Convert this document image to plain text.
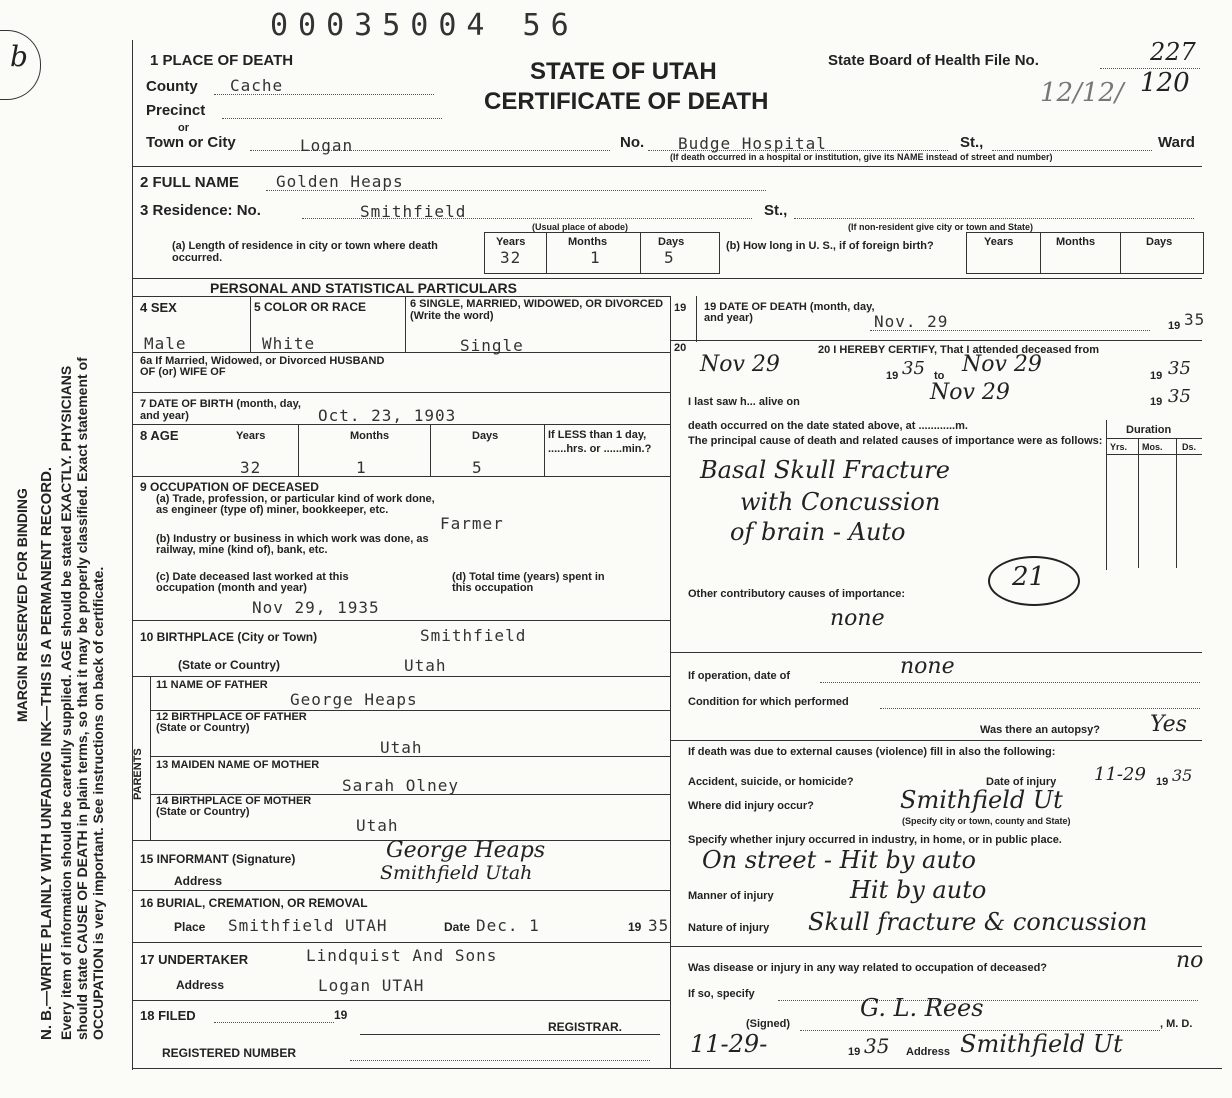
b
MARGIN RESERVED FOR BINDING N. B.—WRITE PLAINLY WITH UNFADING INK—THIS IS A PERMANENT RECORD. Every item of information should be carefully supplied. AGE should be stated EXACTLY. PHYSICIANS should state CAUSE OF DEATH in plain terms, so that it may be properly classified. Exact statement of OCCUPATION is very important. See instructions on back of certificate.
00035004 56
STATE OF UTAH
CERTIFICATE OF DEATH
State Board of Health File No.	227
120
12/12/
1 PLACE OF DEATH
County Cache
Precinct
or
Town or City	Logan	No. Budge Hospital	St.,	Ward
(If death occurred in a hospital or institution, give its NAME instead of street and number)
2 FULL NAME Golden Heaps
3 Residence: No.	Smithfield	St.,
(Usual place of abode)	(If non-resident give city or town and State)
(a) Length of residence in city or town where death occurred.
Years	Months	Days
32	1	5
(b) How long in U. S., if of foreign birth?	Years	Months	Days
PERSONAL AND STATISTICAL PARTICULARS
4 SEX	5 COLOR OR RACE	6 SINGLE, MARRIED, WIDOWED, OR DIVORCED (Write the word)
Male	White	Single
6a If Married, Widowed, or Divorced HUSBAND OF (or) WIFE OF
7 DATE OF BIRTH (month, day, and year)	Oct. 23, 1903
8 AGE	Years	Months	Days	If LESS than 1 day, ......hrs. or ......min.?
32	1	5
9 OCCUPATION OF DECEASED
(a) Trade, profession, or particular kind of work done, as engineer (type of) miner, bookkeeper, etc.
Farmer
(b) Industry or business in which work was done, as railway, mine (kind of), bank, etc.
(c) Date deceased last worked at this occupation (month and year)
Nov 29, 1935
(d) Total time (years) spent in this occupation
10 BIRTHPLACE (City or Town)	Smithfield
(State or Country)	Utah
PARENTS
11 NAME OF FATHER
George Heaps
12 BIRTHPLACE OF FATHER (State or Country)
Utah
13 MAIDEN NAME OF MOTHER
Sarah Olney
14 BIRTHPLACE OF MOTHER (State or Country)
Utah
15 INFORMANT (Signature)	George Heaps
Address	Smithfield Utah
16 BURIAL, CREMATION, OR REMOVAL
Place Smithfield UTAH	Date Dec. 1	19 35
17 UNDERTAKER	Lindquist And Sons
Address	Logan UTAH
18 FILED	19
REGISTRAR.
REGISTERED NUMBER
19 19 DATE OF DEATH (month, day, and year)	Nov. 29	19 35
20	20 I HEREBY CERTIFY, That I attended deceased from
Nov 29	19 35 to Nov 29	19 35
I last saw h... alive on	Nov 29	19 35
death occurred on the date stated above, at ............m.
The principal cause of death and related causes of importance were as follows:
Duration
Yrs. Mos. Ds.
Basal Skull Fracture
with Concussion
of brain - Auto
21
Other contributory causes of importance:
none
If operation, date of	none
Condition for which performed
Was there an autopsy? Yes
If death was due to external causes (violence) fill in also the following:
Accident, suicide, or homicide?	Date of injury 11-29 19 35
Where did injury occur?	Smithfield Ut
(Specify city or town, county and State)
Specify whether injury occurred in industry, in home, or in public place.
On street - Hit by auto
Manner of injury	Hit by auto
Nature of injury Skull fracture & concussion
Was disease or injury in any way related to occupation of deceased?	no
If so, specify	G. L. Rees
(Signed)	, M. D.
11-29-	19 35 Address Smithfield Ut
